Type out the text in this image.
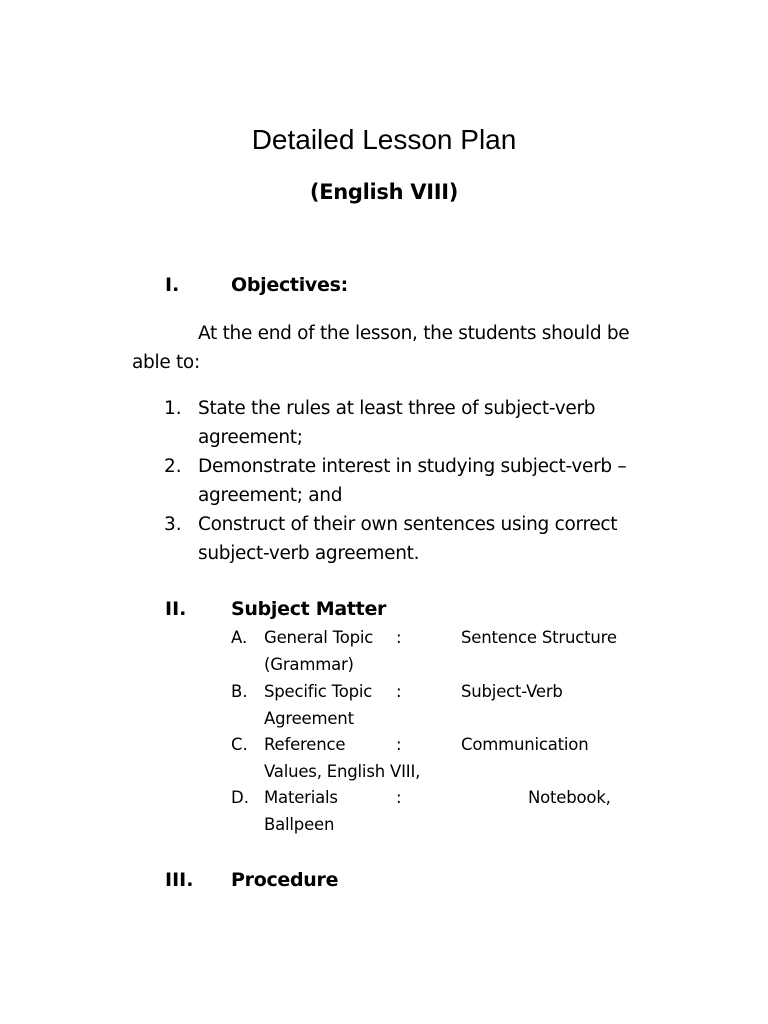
Detailed Lesson Plan
(English VIII)
I.	Objectives:
At the end of the lesson, the students should be
able to:
1. State the rules at least three of subject-verb agreement;
2. Demonstrate interest in studying subject-verb – agreement; and
3. Construct of their own sentences using correct subject-verb agreement.
II. Subject Matter
A. General Topic :	Sentence Structure
(Grammar)
B. Specific Topic :	Subject-Verb
Agreement
C. Reference	:	Communication
Values, English VIII,
D. Materials	:	Notebook,
Ballpeen
III. Procedure
